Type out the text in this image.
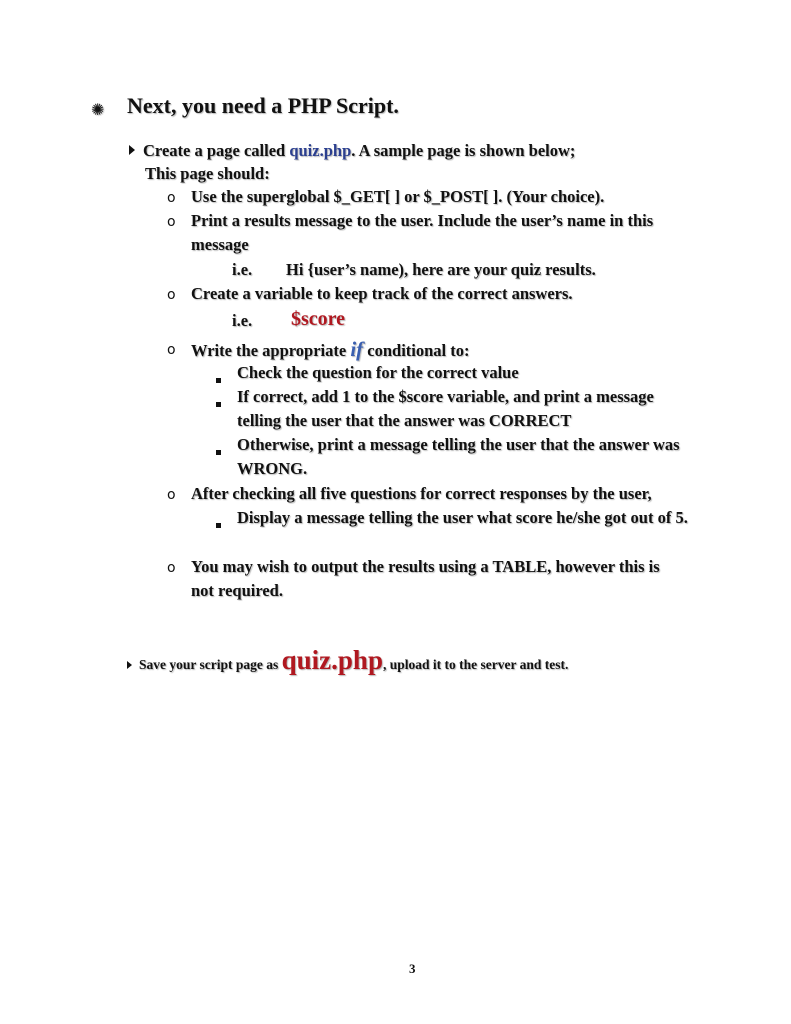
✺ Next, you need a PHP Script.
Create a page called quiz.php. A sample page is shown below;
This page should:
o Use the superglobal $_GET[ ] or $_POST[ ]. (Your choice).
o Print a results message to the user. Include the user’s name in this
message
i.e. Hi {user’s name), here are your quiz results.
o Create a variable to keep track of the correct answers.
i.e. $score
o Write the appropriate if conditional to:
Check the question for the correct value
If correct, add 1 to the $score variable, and print a message
telling the user that the answer was CORRECT
Otherwise, print a message telling the user that the answer was
WRONG.
o After checking all five questions for correct responses by the user,
Display a message telling the user what score he/she got out of 5.
o You may wish to output the results using a TABLE, however this is
not required.
Save your script page as quiz.php, upload it to the server and test.
3
